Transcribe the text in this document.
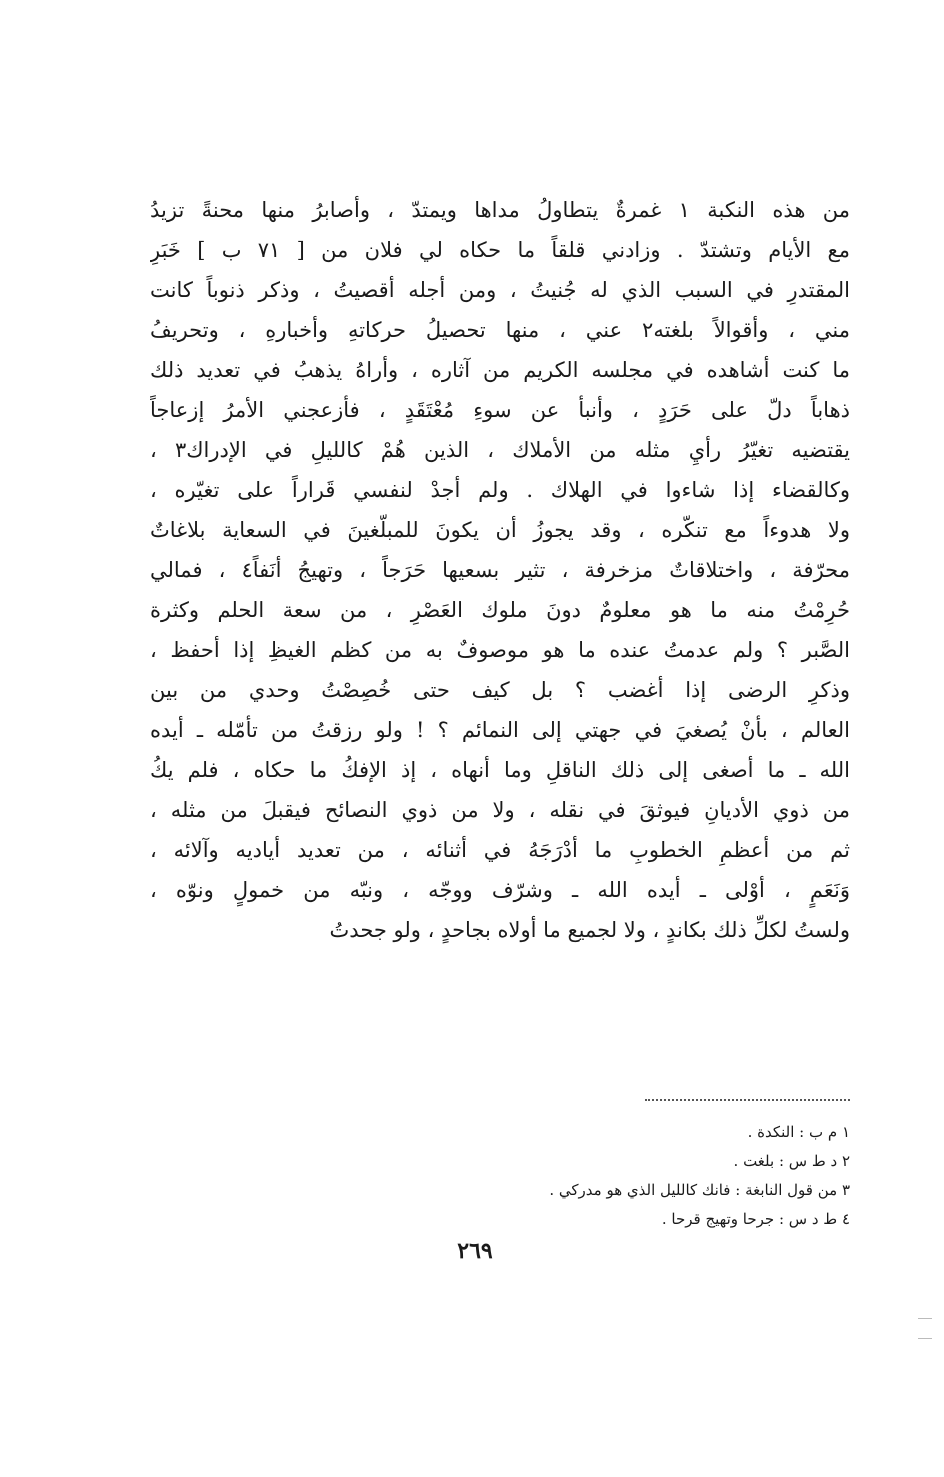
من هذه النكبة ١ غمرةٌ يتطاولُ مداها ويمتدّ ، وأصابرُ منها محنةً تزيدُ
مع الأيام وتشتدّ . وزادني قلقاً ما حكاه لي فلان من [ ٧١ ب ] خَبَرِ
المقتدرِ في السبب الذي له جُنيتُ ، ومن أجله أقصيتُ ، وذكر ذنوباً كانت
مني ، وأقوالاً بلغته٢ عني ، منها تحصيلُ حركاتهِ وأخبارهِ ، وتحريفُ
ما كنت أشاهده في مجلسه الكريم من آثاره ، وأراهُ يذهبُ في تعديد ذلك
ذهاباً دلّ على حَرَدٍ ، وأنبأ عن سوءِ مُعْتَقَدٍ ، فأزعجني الأمرُ إزعاجاً
يقتضيه تغيّرُ رأيِ مثله من الأملاك ، الذين هُمْ كالليلِ في الإدراك٣ ،
وكالقضاء إذا شاءوا في الهلاك . ولم أجدْ لنفسي قَراراً على تغيّره ،
ولا هدوءاً مع تنكّره ، وقد يجوزُ أن يكونَ للمبلّغينَ في السعاية بلاغاتٌ
محرّفة ، واختلاقاتٌ مزخرفة ، تثير بسعيها حَرَجاً ، وتهيجُ أنَفاً٤ ، فمالي
حُرِمْتُ منه ما هو معلومٌ دونَ ملوك العَصْرِ ، من سعة الحلم وكثرة
الصَّبر ؟ ولم عدمتُ عنده ما هو موصوفٌ به من كظم الغيظِ إذا أحفظ ،
وذكرِ الرضى إذا أغضب ؟ بل كيف حتى خُصِصْتُ وحدي من بين
العالم ، بأنْ يُصغيَ في جهتي إلى النمائم ؟ ! ولو رزقتُ من تأمّله ـ أيده
الله ـ ما أصغى إلى ذلك الناقلِ وما أنهاه ، إذ الإفكُ ما حكاه ، فلم يكُ
من ذوي الأديانِ فيوثقَ في نقله ، ولا من ذوي النصائح فيقبلَ من مثله ،
ثم من أعظمِ الخطوبِ ما أدْرَجَهُ في أثنائه ، من تعديد أياديه وآلائه ،
وَنَعَمٍ ، أوْلى ـ أيده الله ـ وشرّف ووجّه ، ونبّه من خمولٍ ونوّه ،
ولستُ لكلِّ ذلك بكاندٍ ، ولا لجميع ما أولاه بجاحدٍ ، ولو جحدتُ
١ م ب : النكدة .
٢ د ط س : بلغت .
٣ من قول النابغة : فانك كالليل الذي هو مدركي .
٤ ط د س : جرحا وتهيج قرحا .
٢٦٩
